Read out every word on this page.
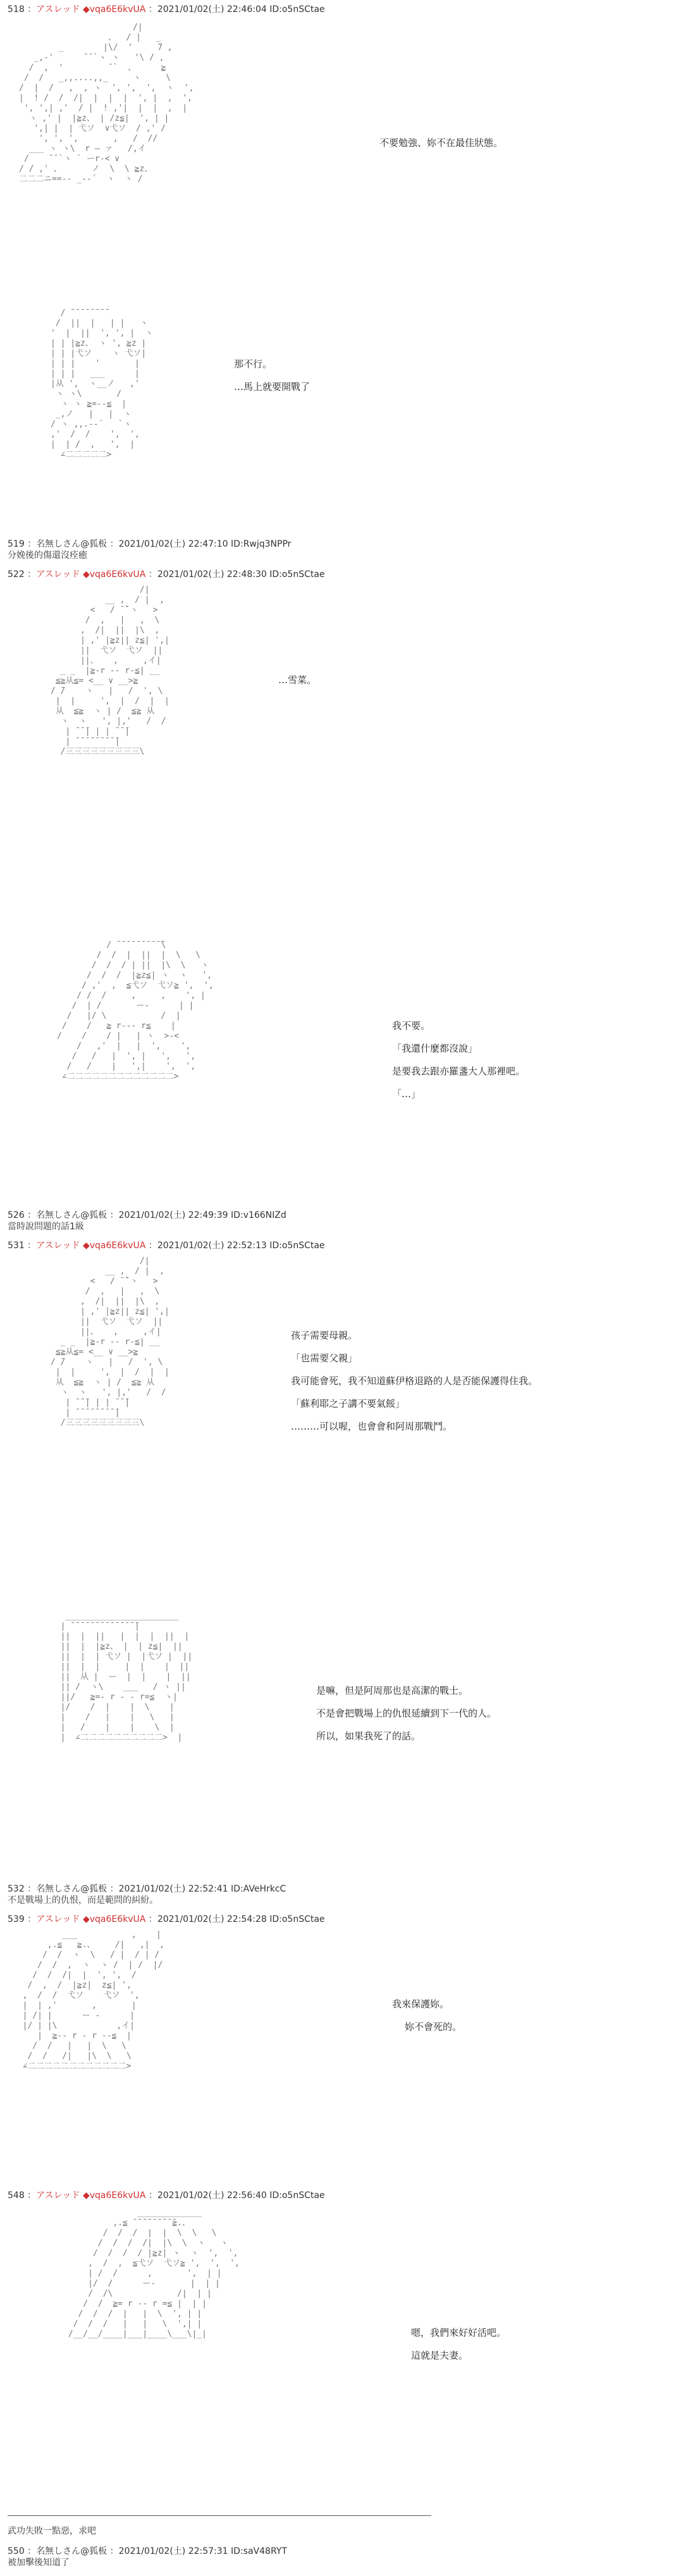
518 ：アスレッド ◆vqa6E6kvUA ：2021/01/02(土) 22:46:04 ID:o5nSCtae
/|
、  / |   _
_        |\/  '     7 ,
_,-'      ̄ ̄ `ヽ ヽ   '\ / ,
/  ,  '         ̄ `  、     ≧
/  /   _,,....,,_     ヽ     \
/  |  /   ,  , ヽ  ', ',  ',  ヽ  ',
|  ! /  /  /|  |  |  |  ', |  ,  ',
', ',| ,'  / |  ! ,'|  |  |  ,  |
ヽ ,' |  |≧z、 | /z≦|  ', | |
',| |  | 弋ソ  ∨弋ソ  / ,' /
', ', ',       ,   /  //
___ ヽ ヽ\  r ― ァ   /,イ
/    ̄ ̄ `ヽ ` ーr-< ∨
/ / ,' 、      ノ  \  \ ≧z、
二二二ニ==-- _-‐´  ヽ  ヽ /

不要勉強、妳不在最佳狀態。
/ ̄ ̄ ̄ ̄ ̄ ̄ ̄ ̄
/  ||  |   | |   ヽ
'  |  ||  ', ', |  ヽ
| | |≧z、 ヽ ', ≧z |
| | |弋ソ    ヽ 弋ソ|
| | |    '       |
| | |   ___      |
|从 ',  ヽ__ノ   ,'
ヽ ヽ\       /
ヽ ヽ ≧=-‐≦  |
_,ノ   |   |  ヽ
/ ヽ ,,.-‐´   `ヽ
,'  /  /    ',  ',
|  | /  ,   ',  |
∠二二二二二>

那不行。
…馬上就要開戰了
519 ：名無しさん@狐板 ：2021/01/02(土) 22:47:10 ID:Rwjq3NPPr
分娩後的傷還沒痊癒
522 ：アスレッド ◆vqa6E6kvUA ：2021/01/02(土) 22:48:30 ID:o5nSCtae
/|
__ ,  / |  ,
<   / ̄ ̄`ヽ   >
/  ,   |   ,  \
,  /|  ||  |\  ,
| ,' |≧z|| z≦| ',|
||  弋ソ  弋ソ  ||
||、   ,     ,イ|
_ _  |≧-r -- r-≦| __
≦≧从≦= <__ ∨ __>≧
/ ̄/    ヽ   |   /  ', \
|  |     ',  |  /  |  |
从  ≦≧  ヽ | /  ≦≧ 从
ヽ  ヽ   ', |,'   /  /
| ̄ ̄ ̄| | | ̄ ̄ ̄|
| ̄ ̄ ̄ ̄ ̄ ̄ ̄ ̄ ̄|
/三三三三三三三三三\

…雪菜。
/ ̄ ̄ ̄ ̄ ̄ ̄ ̄ ̄ ̄ ̄\
/  /  |  ||  |  \   \
/  /  / | ||  |\  \   ヽ
/  /  /  |≧z≦| ヽ  ヽ   ',
/ ,'  ,  ≦弋ソ  弋ソ≧ ',  ',
/ /  /     ,     ,    ', |
/  | /       ー‐      | |
/   |/ \           /  |
/    /   ≧ r--- r≦    |
/    /    / |   | ヽ  >-<
/   ,'  |   |  ',    ',
/   /   |  ', |   ',   ',
/   /    |   ',|    ',  ',
∠二二二二二二二二二二二二二>

我不要。
「我還什麼都沒說」
是要我去跟亦羅盞大人那裡吧。
「…」
526 ：名無しさん@狐板 ：2021/01/02(土) 22:49:39 ID:v166NIZd
當時說問題的話1級
531 ：アスレッド ◆vqa6E6kvUA ：2021/01/02(土) 22:52:13 ID:o5nSCtae
/|
__ ,  / |  ,
<   / ̄ ̄`ヽ   >
/  ,   |   ,  \
,  /|  ||  |\  ,
| ,' |≧z|| z≦| ',|
||  弋ソ  弋ソ  ||
||、   ,     ,イ|
_ _  |≧-r -- r-≦| __
≦≧从≦= <__ ∨ __>≧
/ ̄/    ヽ   |   /  ', \
|  |     ',  |  /  |  |
从  ≦≧  ヽ | /  ≦≧ 从
ヽ  ヽ   ', |,'   /  /
| ̄ ̄ ̄| | | ̄ ̄ ̄|
| ̄ ̄ ̄ ̄ ̄ ̄ ̄ ̄ ̄|
/三三三三三三三三三\

孩子需要母親。
「也需要父親」
我可能會死，我不知道蘇伊格退路的人是否能保護得住我。
「蘇利耶之子講不要氣餒」
………可以喔，也會會和阿周那戰鬥。
_______________________
| ̄ ̄ ̄ ̄ ̄ ̄ ̄ ̄ ̄ ̄ ̄ ̄ ̄ ̄|
||  |  ||   |  |  |  ||  |
||  |  |≧z、 |  | z≦|  ||
||  |  | 弋ソ |  |弋ソ |  ||
||  |  |     |  |    |  ||
||  从 |  ー  |  |    |  ||
|| /  ヽ\    ___   / ヽ ||
||/   ≧=‐ r ‐ ‐ r=≦  ヽ|
|/    /  |    |  \    |
|    /   |    |   \   |
|   /    |    |    \  |
|  ∠二二二二二二二二二二>  |

是嘛，但是阿周那也是高潔的戰士。
不是會把戰場上的仇恨延續到下一代的人。
所以，如果我死了的話。
532 ：名無しさん@狐板 ：2021/01/02(土) 22:52:41 ID:AVeHrkcC
不是戰場上的仇恨，而是範問的糾紛。
539 ：アスレッド ◆vqa6E6kvUA ：2021/01/02(土) 22:54:28 ID:o5nSCtae
___           ,    |
,.≦   ≧.、    /|   ,|  ,
/  /  ヽ  \   / |  / | /
/  /  ,  ヽ  ヽ /  | /  |/
/  /  /|  |  ', ',  /
/  ,  /  |≧z|  z≦| ',
,  /  /  弋ソ    弋ソ  ',
|  | ,'       ,       |
| /| |      ー ‐      |
|/ | |\            ,イ|
|  ≧-- r - r --≦  |
/  /   |   |  \   \
/  /   /|   |\  \   \
∠二二二二二二二二二二二二>

我來保護妳。
妳不會死的。
548 ：アスレッド ◆vqa6E6kvUA ：2021/01/02(土) 22:56:40 ID:o5nSCtae
_____________
,.≦ ̄ ̄ ̄ ̄ ̄ ̄ ̄ ̄ ̄≧.、
/  /  /  |  |  \  \   \
/  /  /  /|  |\  \  ヽ   ヽ
/  /  /  / |≧z| ヽ  ヽ  ',  ',
,  /  ,  ≦弋ソ  弋ソ≧ ',  ',  ',
| /  /      ,       ',  | |
|/  /      ー‐       |  | |
/  /\             /|  | |
/  /  ≧= r ‐‐ r =≦ |  | |
/  /  /  |   |  \  ', | |
/  /  /   |   |   \  ',| |
/__/__/____|___|____\___\|_|	嗯，我們來好好活吧。
這就是夫妻。
武功失敗一點惡，求吧
550 ：名無しさん@狐板 ：2021/01/02(土) 22:57:31 ID:saV48RYT
被加擊後知道了
